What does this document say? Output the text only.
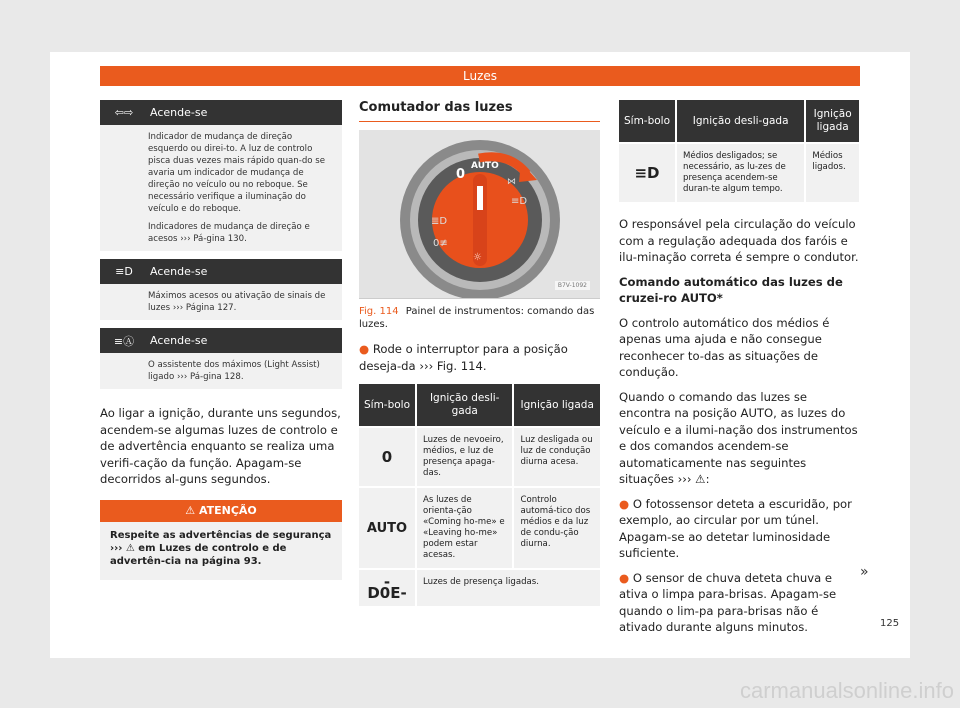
Luzes
⇦⇨	Acende-se

Indicador de mudança de direção esquerdo ou direi-to. A luz de controlo pisca duas vezes mais rápido quan-do se avaria um indicador de mudança de direção no veículo ou no reboque. Se necessário verifique a iluminação do veículo e do reboque.

Indicadores de mudança de direção e acesos ››› Pá-gina 130.

≡D	Acende-se

Máximos acesos ou ativação de sinais de luzes ››› Página 127.

≡Ⓐ	Acende-se

O assistente dos máximos (Light Assist) ligado ››› Pá-gina 128.

Ao ligar a ignição, durante uns segundos, acendem-se algumas luzes de controlo e de advertência enquanto se realiza uma verifi-cação da função. Apagam-se decorridos al-guns segundos.
⚠ ATENÇÃO
Respeite as advertências de segurança ››› ⚠ em Luzes de controlo e de advertên-cia na página 93.
Comutador das luzes
0
AUTO
≣D
0≢
≡D
⋈
☼
B7V-1092
Fig. 114 Painel de instrumentos: comando das luzes.
● Rode o interruptor para a posição deseja-da ››› Fig. 114.
Sím-bolo	Ignição desli-gada	Ignição ligada
0	Luzes de nevoeiro, médios, e luz de presença apaga-das.	Luz desligada ou luz de condução diurna acesa.
AUTO	As luzes de orienta-ção «Coming ho-me» e «Leaving ho-me» podem estar acesas.	Controlo automá-tico dos médios e da luz de condu-ção diurna.
-D0E-	Luzes de presença ligadas.	
Sím-bolo	Ignição desli-gada	Ignição ligada
≡D	Médios desligados; se necessário, as lu-zes de presença acendem-se duran-te algum tempo.	Médios ligados.

O responsável pela circulação do veículo com a regulação adequada dos faróis e ilu-minação correta é sempre o condutor.

Comando automático das luzes de cruzei-ro AUTO*

O controlo automático dos médios é apenas uma ajuda e não consegue reconhecer to-das as situações de condução.

Quando o comando das luzes se encontra na posição AUTO, as luzes do veículo e a ilumi-nação dos instrumentos e dos comandos acendem-se automaticamente nas seguintes situações ››› ⚠:

● O fotossensor deteta a escuridão, por exemplo, ao circular por um túnel. Apagam-se ao detetar luminosidade suficiente.

● O sensor de chuva deteta chuva e ativa o limpa para-brisas. Apagam-se quando o lim-pa para-brisas não é ativado durante alguns minutos.

»
125
carmanualsonline.info
